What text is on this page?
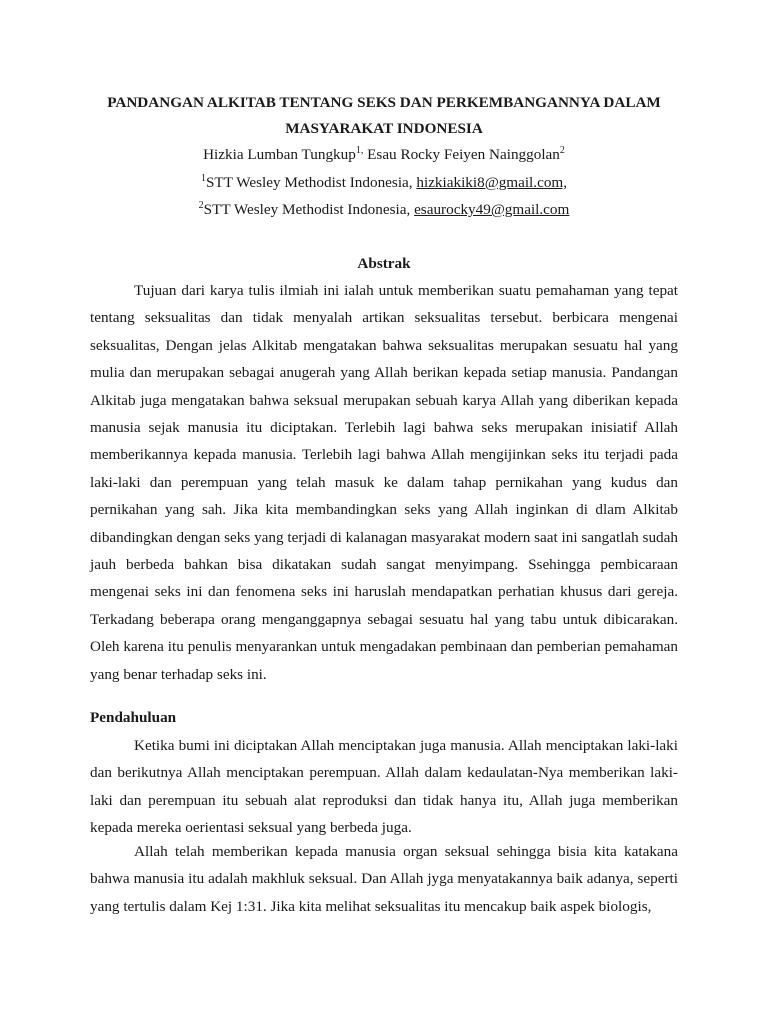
PANDANGAN ALKITAB TENTANG SEKS DAN PERKEMBANGANNYA DALAM MASYARAKAT INDONESIA
Hizkia Lumban Tungkup$^{1,}$ Esau Rocky Feiyen Nainggolan$^2$
$^1$STT Wesley Methodist Indonesia, hizkiakiki8@gmail.com,
$^2$STT Wesley Methodist Indonesia, esaurocky49@gmail.com
Abstrak

Tujuan dari karya tulis ilmiah ini ialah untuk memberikan suatu pemahaman yang tepat tentang seksualitas dan tidak menyalah artikan seksualitas tersebut. berbicara mengenai seksualitas, Dengan jelas Alkitab mengatakan bahwa seksualitas merupakan sesuatu hal yang mulia dan merupakan sebagai anugerah yang Allah berikan kepada setiap manusia. Pandangan Alkitab juga mengatakan bahwa seksual merupakan sebuah karya Allah yang diberikan kepada manusia sejak manusia itu diciptakan. Terlebih lagi bahwa seks merupakan inisiatif Allah memberikannya kepada manusia. Terlebih lagi bahwa Allah mengijinkan seks itu terjadi pada laki-laki dan perempuan yang telah masuk ke dalam tahap pernikahan yang kudus dan pernikahan yang sah. Jika kita membandingkan seks yang Allah inginkan di dlam Alkitab dibandingkan dengan seks yang terjadi di kalanagan masyarakat modern saat ini sangatlah sudah jauh berbeda bahkan bisa dikatakan sudah sangat menyimpang. Ssehingga pembicaraan mengenai seks ini dan fenomena seks ini haruslah mendapatkan perhatian khusus dari gereja. Terkadang beberapa orang menganggapnya sebagai sesuatu hal yang tabu untuk dibicarakan. Oleh karena itu penulis menyarankan untuk mengadakan pembinaan dan pemberian pemahaman yang benar terhadap seks ini.

Pendahuluan

Ketika bumi ini diciptakan Allah menciptakan juga manusia. Allah menciptakan laki-laki dan berikutnya Allah menciptakan perempuan. Allah dalam kedaulatan-Nya memberikan laki-laki dan perempuan itu sebuah alat reproduksi dan tidak hanya itu, Allah juga memberikan kepada mereka oerientasi seksual yang berbeda juga.

Allah telah memberikan kepada manusia organ seksual sehingga bisia kita katakana bahwa manusia itu adalah makhluk seksual. Dan Allah jyga menyatakannya baik adanya, seperti yang tertulis dalam Kej 1:31. Jika kita melihat seksualitas itu mencakup baik aspek biologis,
